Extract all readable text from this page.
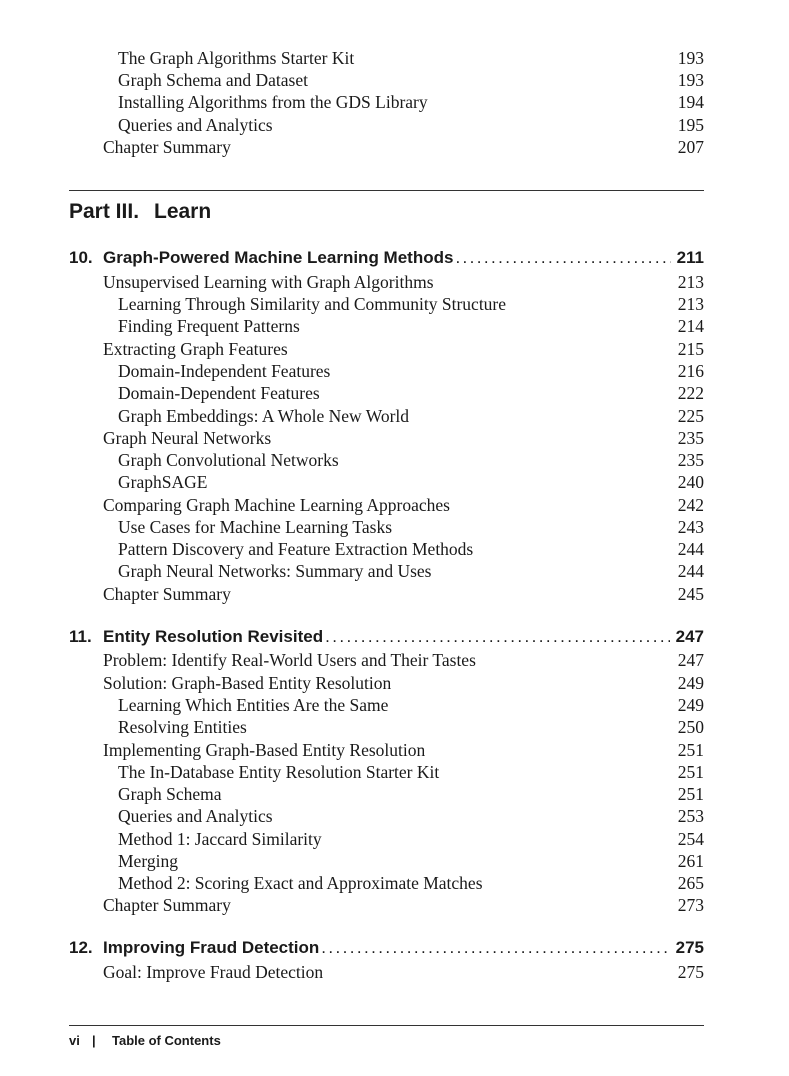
The Graph Algorithms Starter Kit	193
Graph Schema and Dataset	193
Installing Algorithms from the GDS Library	194
Queries and Analytics	195
Chapter Summary	207
Part III. Learn
10. Graph-Powered Machine Learning Methods .....	211
Unsupervised Learning with Graph Algorithms	213
Learning Through Similarity and Community Structure	213
Finding Frequent Patterns	214
Extracting Graph Features	215
Domain-Independent Features	216
Domain-Dependent Features	222
Graph Embeddings: A Whole New World	225
Graph Neural Networks	235
Graph Convolutional Networks	235
GraphSAGE	240
Comparing Graph Machine Learning Approaches	242
Use Cases for Machine Learning Tasks	243
Pattern Discovery and Feature Extraction Methods	244
Graph Neural Networks: Summary and Uses	244
Chapter Summary	245
11. Entity Resolution Revisited .....	247
Problem: Identify Real-World Users and Their Tastes	247
Solution: Graph-Based Entity Resolution	249
Learning Which Entities Are the Same	249
Resolving Entities	250
Implementing Graph-Based Entity Resolution	251
The In-Database Entity Resolution Starter Kit	251
Graph Schema	251
Queries and Analytics	253
Method 1: Jaccard Similarity	254
Merging	261
Method 2: Scoring Exact and Approximate Matches	265
Chapter Summary	273
12. Improving Fraud Detection .....	275
Goal: Improve Fraud Detection	275
vi | Table of Contents
